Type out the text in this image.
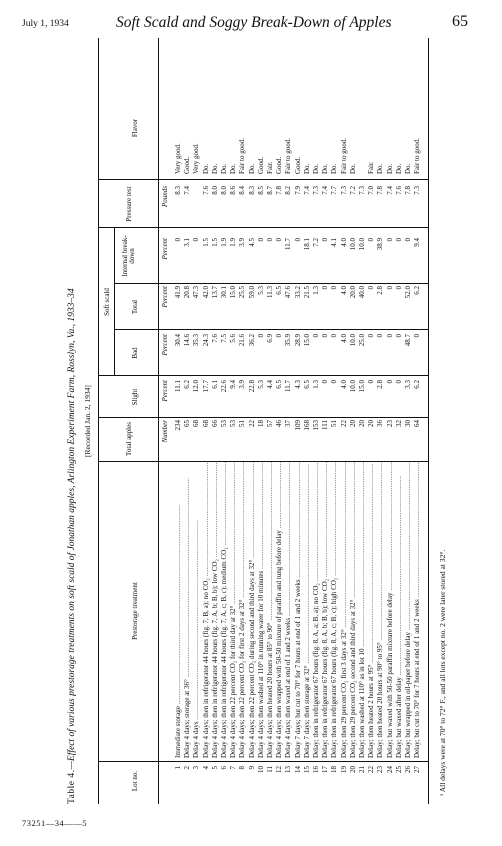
July 1, 1934	Soft Scald and Soggy Break-Down of Apples	65
Table 4.—Effect of various prestorage treatments on soft scald of Jonathan apples, Arlington Experiment Farm, Rosslyn, Va., 1933–34 [Recorded Jan. 2, 1934]
Lot no.
Prestorage treatment
Total apples
Soft scald
Slight
Bad
Total
Internal break-down
Pressure test
Flavor
Number
Percent
Percent
Percent
Percent
Pounds
1
Immediate storage .....
234
11.1
30.4
41.9
0
8.3
Very good.
2
Delay 4 days; storage at 36° .....
65
6.2
14.6
20.8
3.1
7.4
Good.
3
Delay 4 days .....
68
12.0
35.3
47.3
0
Very good.
4
Delay 4 days; then in refrigerator 44 hours (fig. 7, B, a); no CO₂ .....
68
17.7
24.3
42.0
1.5
7.6
Do.
5
Delay 4 days; then in refrigerator 44 hours (fig. 7, A, b; B, b); low CO₂ .....
66
6.1
7.6
13.7
1.5
8.0
Do.
6
Delay 4 days; then in refrigerator 44 hours (fig. 7, A, c; B, c); medium CO₂ .....
53
22.6
7.5
30.1
1.9
8.0
Do.
7
Delay 4 days; then 22 percent CO₂ for third day at 32° .....
53
9.4
5.6
15.0
1.9
8.6
Do.
8
Delay 4 days; then 22 percent CO₂ for first 2 days at 32° .....
51
3.9
21.6
25.5
3.9
8.4
Fair to good.
9
Delay 4 days; then 22 percent CO₂ during second and third days at 32° .....
22
22.8
36.2
59.0
4.5
8.3
Do.
10
Delay 4 days; then washed at 110° in running water for 10 minutes .....
18
5.3
0
5.3
0
8.5
Good.
11
Delay 4 days; then heated 20 hours at 85° to 90° .....
57
4.4
6.9
11.3
0
8.7
Fair.
12
Delay 4 days; then wrapped with 50-50 mixture of paraffin and tung before delay .....
46
6.5
0
6.5
0
7.8
Good.
13
Delay 4 days; then waxed at end of 1 and 2 weeks .....
37
11.7
35.9
47.6
11.7
8.2
Fair to good.
14
Delay 7 days; but cut to 70° for 7 hours at end of 1 and 2 weeks .....
109
4.3
28.9
33.2
0
7.9
Good.
15
Delay 7 days; then storage at 32° .....
168
6.5
15.0
21.5
18.1
7.4
Do.
16
Delay; then in refrigerator 67 hours (fig. 8, A, a; B, a); no CO₂ .....
153
1.3
0
1.3
7.2
7.3
Do.
17
Delay; then in refrigerator 67 hours (fig. 8, A, b; B, b); low CO₂ .....
111
0
0
0
0
7.4
Do.
18
Delay; then in refrigerator 67 hours (fig. 8, A, c; B, c); high CO₂ .....
51
0
0
0
4.1
7.7
Do.
19
Delay; then 29 percent CO₂ first 3 days at 32° .....
22
4.0
4.0
4.0
4.0
7.3
Fair to good.
20
Delay; then 29 percent CO₂ second and third days at 32° .....
20
10.0
10.0
20.0
10.0
7.2
Do.
21
Delay; then washed at 110° as in lot 10 .....
20
15.0
25.0
40.0
10.0
7.3
22
Delay; then heated 2 hours at 95° .....
20
0
0
0
0
7.0
Fair.
23
Delay; then heated 20 hours at 90° to 95° .....
36
2.8
0
2.8
38.9
7.8
Do.
24
Delay; but waxed with 50-50 paraffin mixture before delay .....
23
0
0
0
0
7.4
Do.
25
Delay; but waxed after delay .....
32
0
0
0
0
7.6
Do.
26
Delay; but wrapped in oil-paper before delay .....
30
3.3
48.7
52.0
0
7.8
Do.
27
Delay; but cut to 70° for 7 hours at end of 1 and 2 weeks .....
64
6.2
0
6.2
9.4
7.3
Fair to good.
¹ All delays were at 70° to 72° F., and all lots except no. 2 were later stored at 32°.
73251—34——5
